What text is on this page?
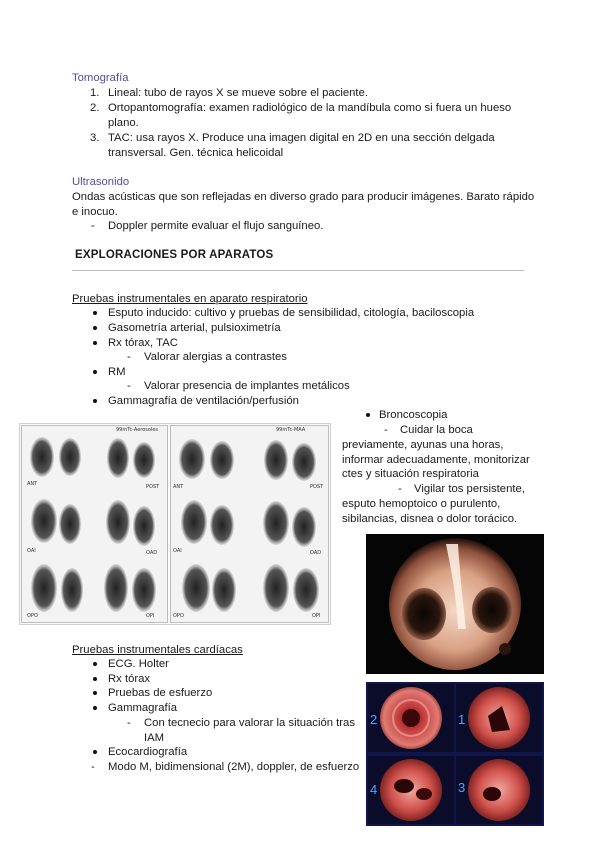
Tomografía
1. Lineal: tubo de rayos X se mueve sobre el paciente.
2. Ortopantomografía: examen radiológico de la mandíbula como si fuera un hueso
plano.
3. TAC: usa rayos X. Produce una imagen digital en 2D en una sección delgada
transversal. Gen. técnica helicoidal
Ultrasonido
Ondas acústicas que son reflejadas en diverso grado para producir imágenes. Barato rápido
e inocuo.
- Doppler permite evaluar el flujo sanguíneo.
EXPLORACIONES POR APARATOS
Pruebas instrumentales en aparato respiratorio
Esputo inducido: cultivo y pruebas de sensibilidad, citología, baciloscopia
Gasometría arterial, pulsioximetría
Rx tórax, TAC
- Valorar alergias a contrastes
RM
- Valorar presencia de implantes metálicos
Gammagrafía de ventilación/perfusión
Broncoscopia
- Cuidar la boca
previamente, ayunas una horas,
informar adecuadamente, monitorizar
ctes y situación respiratoria
- Vigilar tos persistente,
esputo hemoptoico o purulento,
sibilancias, disnea o dolor torácico.
99mTc-Aerosoles	99mTc-MAA
ANT	POST
OAI	OAD
OPO	OPI
ANT	POST
OAI	OAD
OPO	OPI
Pruebas instrumentales cardíacas
ECG. Holter
Rx tórax
Pruebas de esfuerzo
Gammagrafía
- Con tecnecio para valorar la situación tras
IAM
Ecocardiografía
- Modo M, bidimensional (2M), doppler, de esfuerzo
2	1
4	3
